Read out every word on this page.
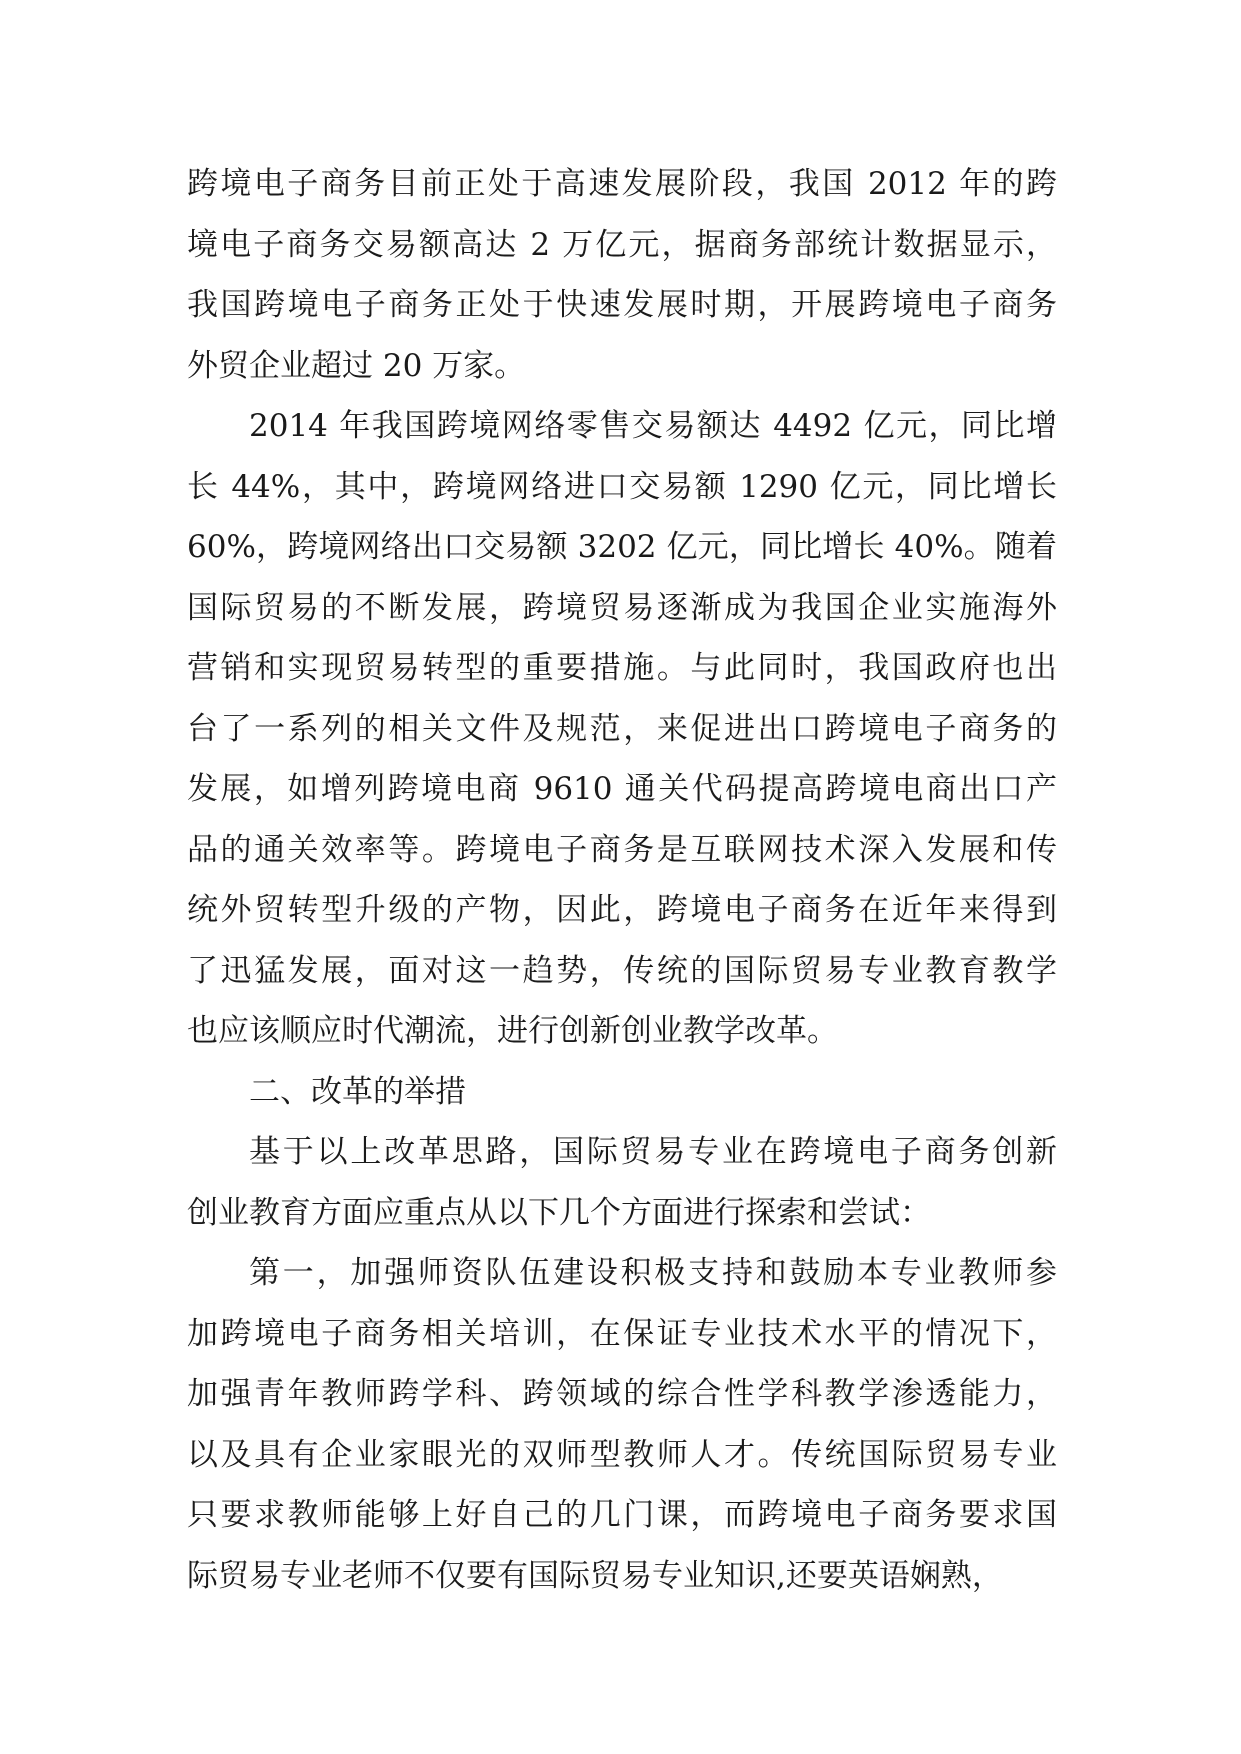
跨境电子商务目前正处于高速发展阶段，我国 2012 年的跨
境电子商务交易额高达 2 万亿元，据商务部统计数据显示，
我国跨境电子商务正处于快速发展时期，开展跨境电子商务
外贸企业超过 20 万家。
2014 年我国跨境网络零售交易额达 4492 亿元，同比增
长 44%，其中，跨境网络进口交易额 1290 亿元，同比增长
60%，跨境网络出口交易额 3202 亿元，同比增长 40%。随着
国际贸易的不断发展，跨境贸易逐渐成为我国企业实施海外
营销和实现贸易转型的重要措施。与此同时，我国政府也出
台了一系列的相关文件及规范，来促进出口跨境电子商务的
发展，如增列跨境电商 9610 通关代码提高跨境电商出口产
品的通关效率等。跨境电子商务是互联网技术深入发展和传
统外贸转型升级的产物，因此，跨境电子商务在近年来得到
了迅猛发展，面对这一趋势，传统的国际贸易专业教育教学
也应该顺应时代潮流，进行创新创业教学改革。
二、改革的举措
基于以上改革思路，国际贸易专业在跨境电子商务创新
创业教育方面应重点从以下几个方面进行探索和尝试：
第一，加强师资队伍建设积极支持和鼓励本专业教师参
加跨境电子商务相关培训，在保证专业技术水平的情况下，
加强青年教师跨学科、跨领域的综合性学科教学渗透能力，
以及具有企业家眼光的双师型教师人才。传统国际贸易专业
只要求教师能够上好自己的几门课，而跨境电子商务要求国
际贸易专业老师不仅要有国际贸易专业知识,还要英语娴熟，
